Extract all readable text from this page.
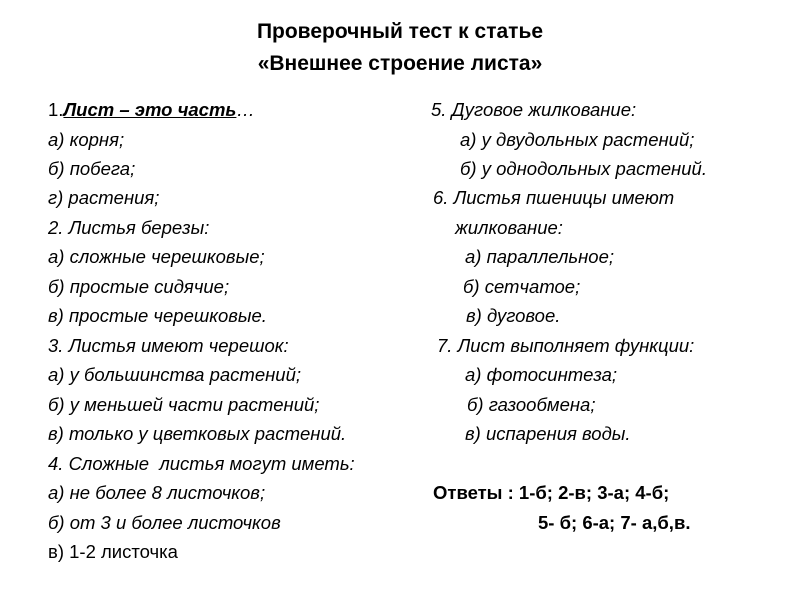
Проверочный тест к статье
«Внешнее строение листа»
1.Лист – это часть…
а) корня;
б) побега;
г) растения;
2. Листья березы:
а) сложные черешковые;
б) простые сидячие;
в) простые черешковые.
3. Листья имеют черешок:
а) у большинства растений;
б) у меньшей части растений;
в) только у цветковых растений.
4. Сложные  листья могут иметь:
а) не более 8 листочков;
б) от 3 и более листочков
в) 1-2 листочка
5. Дуговое жилкование:
а) у двудольных растений;
б) у однодольных растений.
6. Листья пшеницы имеют
жилкование:
а) параллельное;
б) сетчатое;
в) дуговое.
7. Лист выполняет функции:
а) фотосинтеза;
б) газообмена;
в) испарения воды.
Ответы : 1-б; 2-в; 3-а; 4-б;
5- б; 6-а; 7- а,б,в.
